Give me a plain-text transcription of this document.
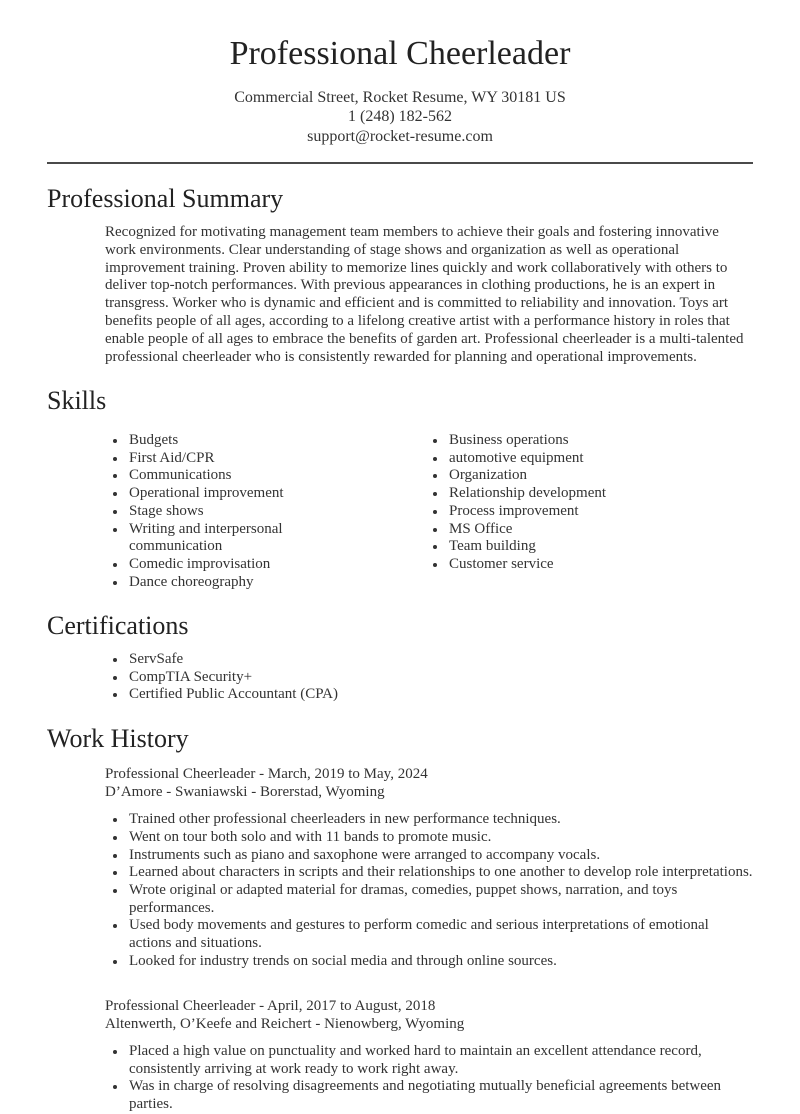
Professional Cheerleader
Commercial Street, Rocket Resume, WY 30181 US
1 (248) 182-562
support@rocket-resume.com
Professional Summary

Recognized for motivating management team members to achieve their goals and fostering innovative work environments. Clear understanding of stage shows and organization as well as operational improvement training. Proven ability to memorize lines quickly and work collaboratively with others to deliver top-notch performances. With previous appearances in clothing productions, he is an expert in transgress. Worker who is dynamic and efficient and is committed to reliability and innovation. Toys art benefits people of all ages, according to a lifelong creative artist with a performance history in roles that enable people of all ages to embrace the benefits of garden art. Professional cheerleader is a multi-talented professional cheerleader who is consistently rewarded for planning and operational improvements.

Skills
• Budgets
• First Aid/CPR
• Communications
• Operational improvement
• Stage shows
• Writing and interpersonal communication
• Comedic improvisation
• Dance choreography
• Business operations
• automotive equipment
• Organization
• Relationship development
• Process improvement
• MS Office
• Team building
• Customer service
Certifications
• ServSafe
• CompTIA Security+
• Certified Public Accountant (CPA)
Work History
Professional Cheerleader - March, 2019 to May, 2024
D’Amore - Swaniawski - Borerstad, Wyoming
• Trained other professional cheerleaders in new performance techniques.
• Went on tour both solo and with 11 bands to promote music.
• Instruments such as piano and saxophone were arranged to accompany vocals.
• Learned about characters in scripts and their relationships to one another to develop role interpretations.
• Wrote original or adapted material for dramas, comedies, puppet shows, narration, and toys performances.
• Used body movements and gestures to perform comedic and serious interpretations of emotional actions and situations.
• Looked for industry trends on social media and through online sources.
Professional Cheerleader - April, 2017 to August, 2018
Altenwerth, O’Keefe and Reichert - Nienowberg, Wyoming
• Placed a high value on punctuality and worked hard to maintain an excellent attendance record, consistently arriving at work ready to work right away.
• Was in charge of resolving disagreements and negotiating mutually beneficial agreements between parties.
